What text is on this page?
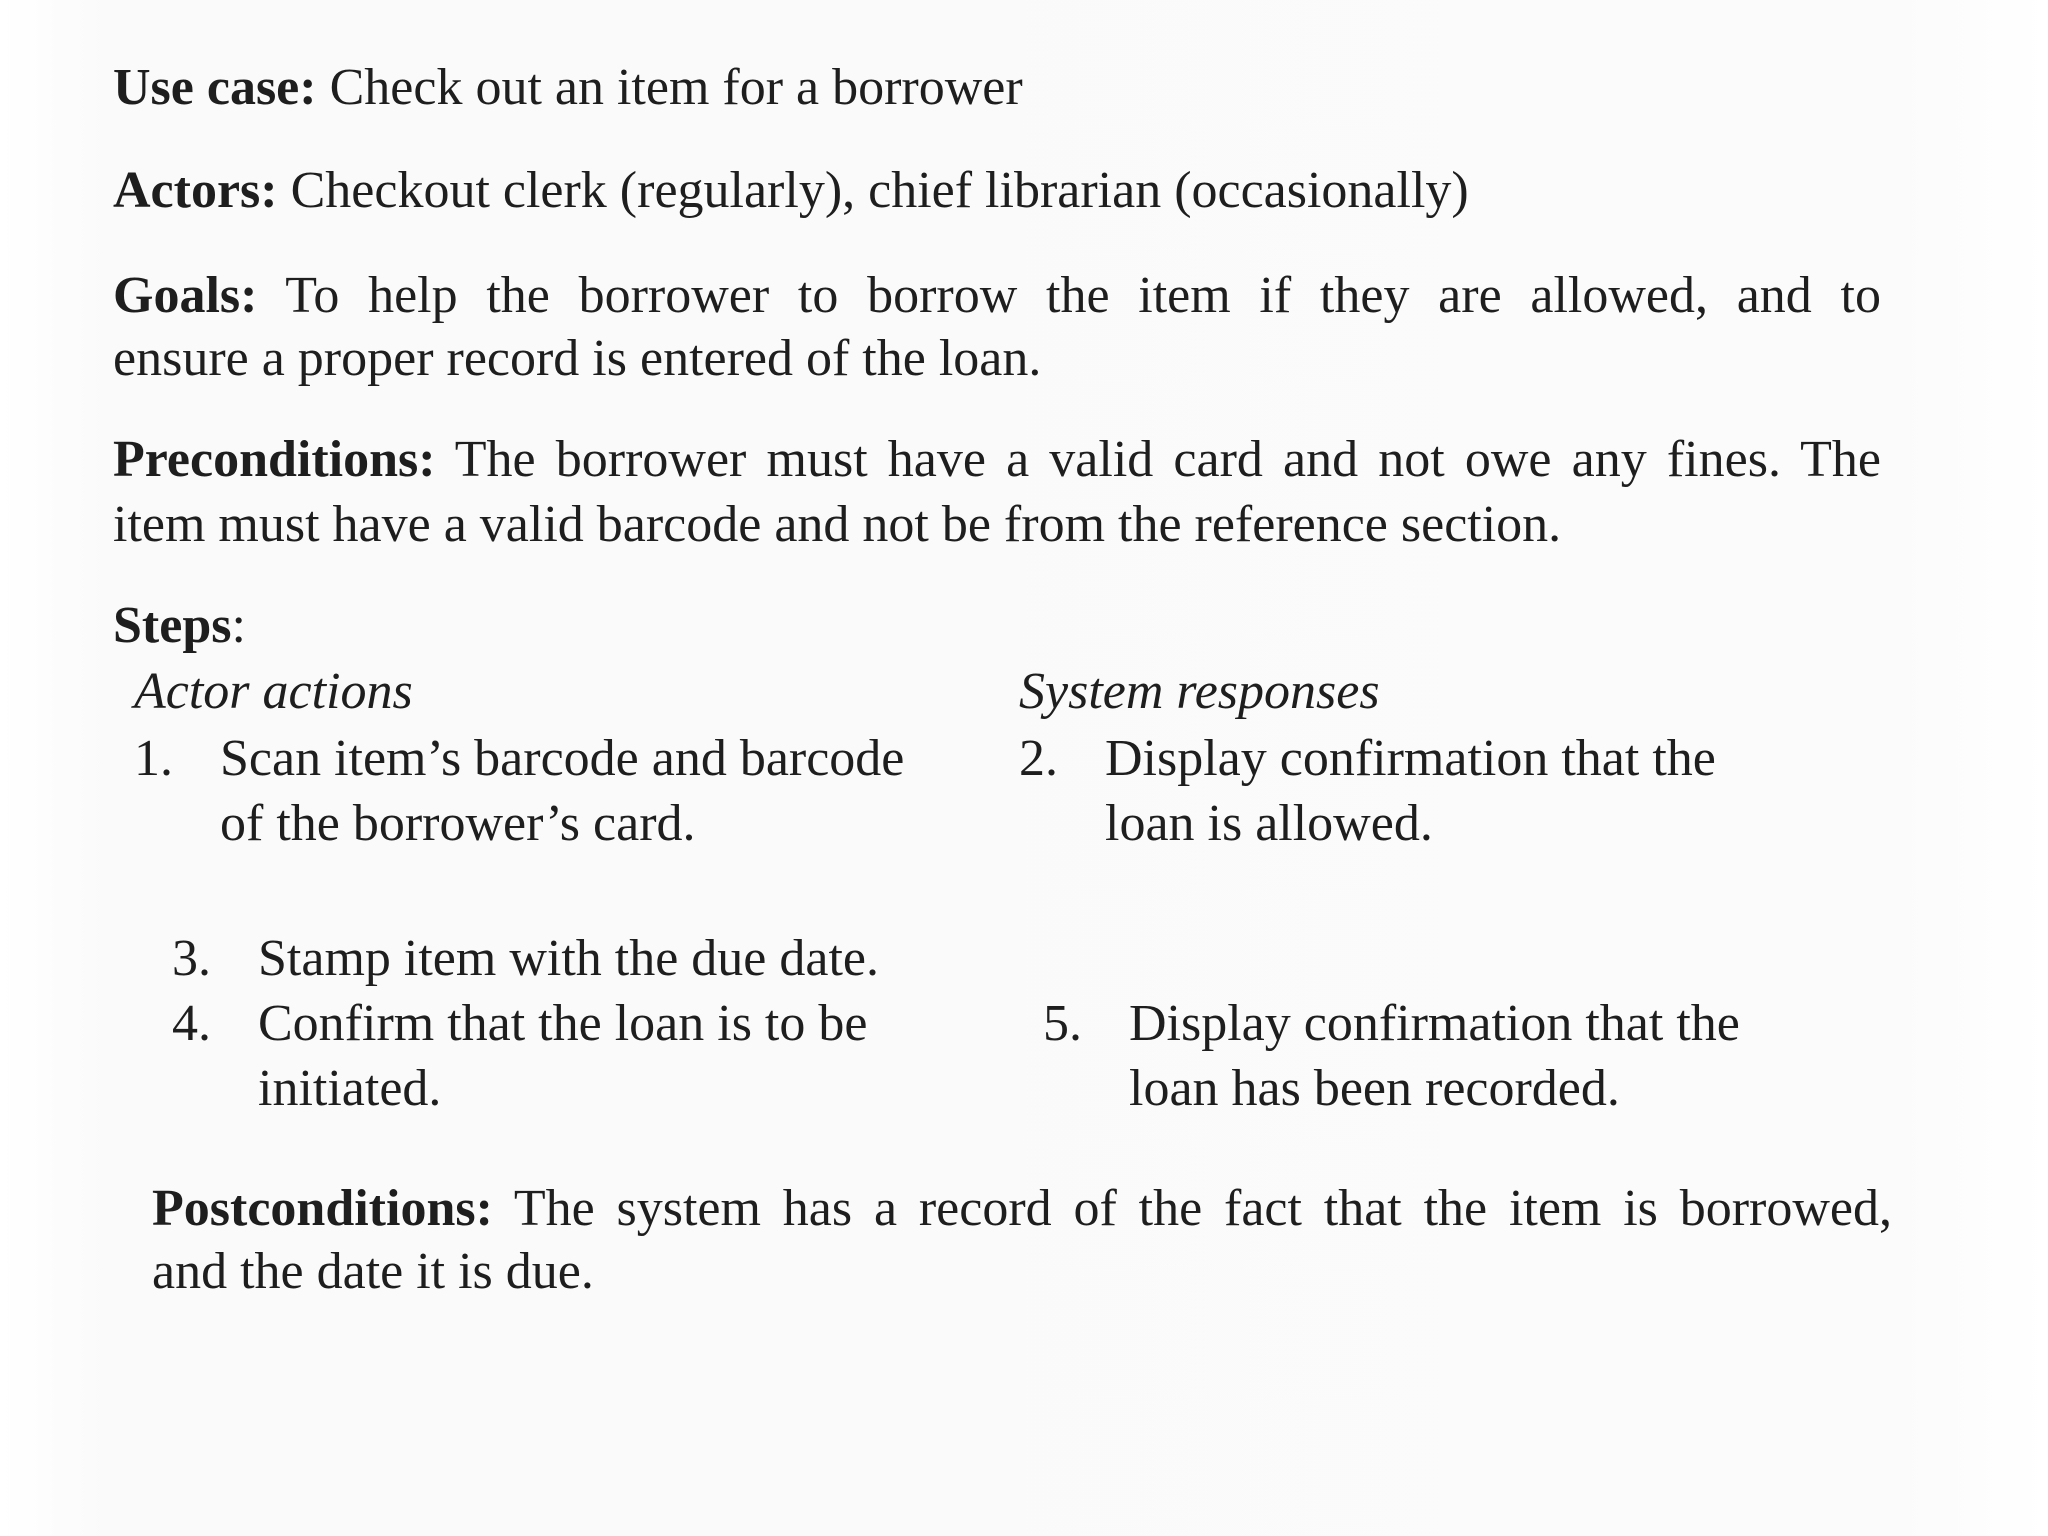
Use case: Check out an item for a borrower
Actors: Checkout clerk (regularly), chief librarian (occasionally)
Goals: To help the borrower to borrow the item if they are allowed, and to
ensure a proper record is entered of the loan.
Preconditions: The borrower must have a valid card and not owe any fines. The
item must have a valid barcode and not be from the reference section.
Steps:
Actor actions	System responses
1. Scan item’s barcode and barcode
of the borrower’s card.
2. Display confirmation that the
loan is allowed.
3. Stamp item with the due date.
4. Confirm that the loan is to be
initiated.
5. Display confirmation that the
loan has been recorded.
Postconditions: The system has a record of the fact that the item is borrowed,
and the date it is due.
